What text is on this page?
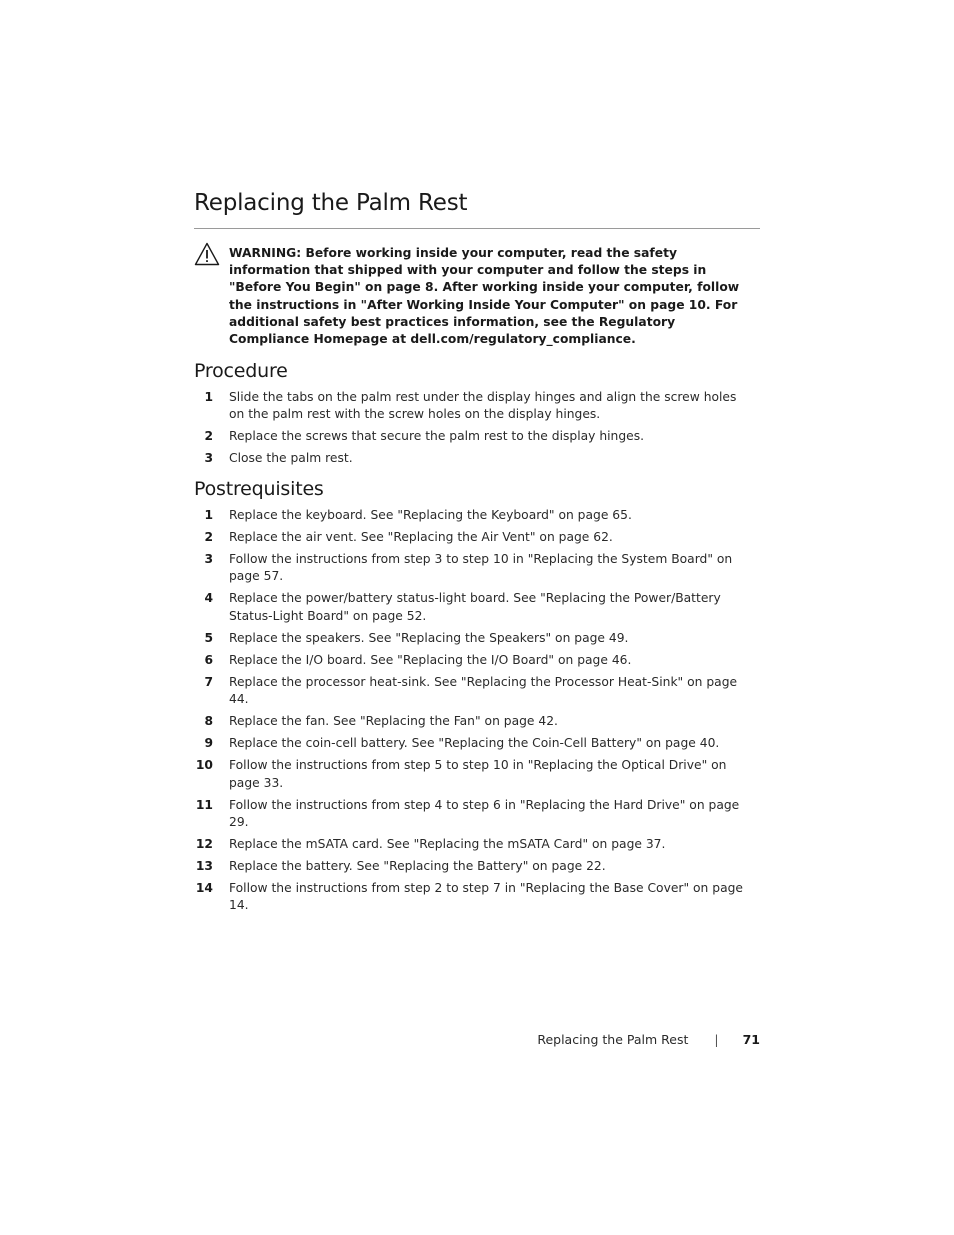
Replacing the Palm Rest
WARNING: Before working inside your computer, read the safety information that shipped with your computer and follow the steps in "Before You Begin" on page 8. After working inside your computer, follow the instructions in "After Working Inside Your Computer" on page 10. For additional safety best practices information, see the Regulatory Compliance Homepage at dell.com/regulatory_compliance.
Procedure
1 Slide the tabs on the palm rest under the display hinges and align the screw holes on the palm rest with the screw holes on the display hinges.
2 Replace the screws that secure the palm rest to the display hinges.
3 Close the palm rest.
Postrequisites
1 Replace the keyboard. See "Replacing the Keyboard" on page 65.
2 Replace the air vent. See "Replacing the Air Vent" on page 62.
3 Follow the instructions from step 3 to step 10 in "Replacing the System Board" on page 57.
4 Replace the power/battery status-light board. See "Replacing the Power/Battery Status-Light Board" on page 52.
5 Replace the speakers. See "Replacing the Speakers" on page 49.
6 Replace the I/O board. See "Replacing the I/O Board" on page 46.
7 Replace the processor heat-sink. See "Replacing the Processor Heat-Sink" on page 44.
8 Replace the fan. See "Replacing the Fan" on page 42.
9 Replace the coin-cell battery. See "Replacing the Coin-Cell Battery" on page 40.
10 Follow the instructions from step 5 to step 10 in "Replacing the Optical Drive" on page 33.
11 Follow the instructions from step 4 to step 6 in "Replacing the Hard Drive" on page 29.
12 Replace the mSATA card. See "Replacing the mSATA Card" on page 37.
13 Replace the battery. See "Replacing the Battery" on page 22.
14 Follow the instructions from step 2 to step 7 in "Replacing the Base Cover" on page 14.
Replacing the Palm Rest | 71
